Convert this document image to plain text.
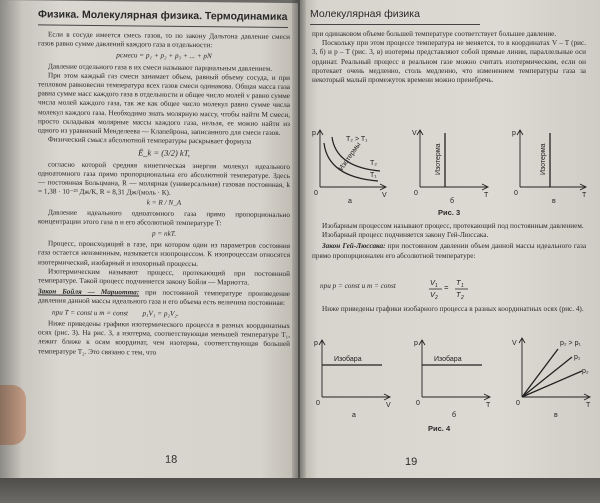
Физика. Молекулярная физика. Термодинамика

Если в сосуде имеется смесь газов, то по закону Дальтона давление смеси газов равно сумме давлений каждого газа в отдельности:

pсмеси = p₁ + p₂ + p₃ + ... + pN

Давление отдельного газа в их смеси называют парциальным давлением.

При этом каждый газ смеси занимает объем, равный объему сосуда, и при тепловом равновесии температура всех газов смеси одинакова. Общая масса газа равна сумме масс каждого газа в отдельности и общее число молей v равно сумме числа молей каждого газа, так же как общее число молекул равно сумме числа молекул каждого газа. Необходимо знать молярную массу, чтобы найти M смеси, просто складывая молярные массы каждого газа, нельзя, ее можно найти из одного из уравнений Менделеева — Клапейрона, записанного для смеси газов.

Физический смысл абсолютной температуры раскрывает формула

Ē_k = (3/2) kT,

согласно которой средняя кинетическая энергия молекул идеального одноатомного газа прямо пропорциональна его абсолютной температуре. Здесь — постоянная Больцмана, R — молярная (универсальная) газовая постоянная, k = 1,38 · 10⁻²³ Дж/К, R = 8,31 Дж/(моль · К).

k = R / N_A

Давление идеального одноатомного газа прямо пропорционально концентрации этого газа n и его абсолютной температуре T:

p = nkT.

Процесс, происходящий в газе, при котором один из параметров состояния газа остается неизменным, называется изопроцессом. К изопроцессам относятся изотермический, изобарный и изохорный процессы.

Изотермическим называют процесс, протекающий при постоянной температуре. Такой процесс подчиняется закону Бойля — Мариотта.

Закон Бойля — Мариотта: при постоянной температуре произведение давления данной массы идеального газа и его объема есть величина постоянная:

при T = const и m = const p₁V₁ = p₂V₂.

Ниже приведены графики изотермического процесса в разных координатных осях (рис. 3). На рис. 3, а изотерма, соответствующая меньшей температуре T₁, лежит ближе к осям координат, чем изотерма, соответствующая большей температуре T₂. Это связано с тем, что

18
Молекулярная физика

при одинаковом объеме большей температуре соответствует большее давление.

Поскольку при этом процессе температура не меняется, то в координатах V – T (рис. 3, б) и p – T (рис. 3, в) изотермы представляют собой прямые линии, параллельные оси ординат. Реальный процесс в реальном газе можно считать изотермическим, если он протекает очень медленно, столь медленно, что изменением температуры газа за некоторый малый промежуток времени можно пренебречь.

p
V
0
T₂ > T₁
Изотермы T₂
T₁
а
V
T
0
Изотерма
б
p
T
0
Изотерма
в
Рис. 3

Изобарным процессом называют процесс, протекающий под постоянным давлением.

Изобарный процесс подчиняется закону Гей-Люссака.

Закон Гей-Люссака: при постоянном давлении объем данной массы идеального газа прямо пропорционален его абсолютной температуре:

при p = const и m = const	V
V
=
T
T
1
2
1
2

Ниже приведены графики изобарного процесса в разных координатных осях (рис. 4).

p
V
0
Изобара
а
p
T
0
Изобара
б
V
T
0
p₂ > p₁
p₁
p₂
в
Рис. 4
19
